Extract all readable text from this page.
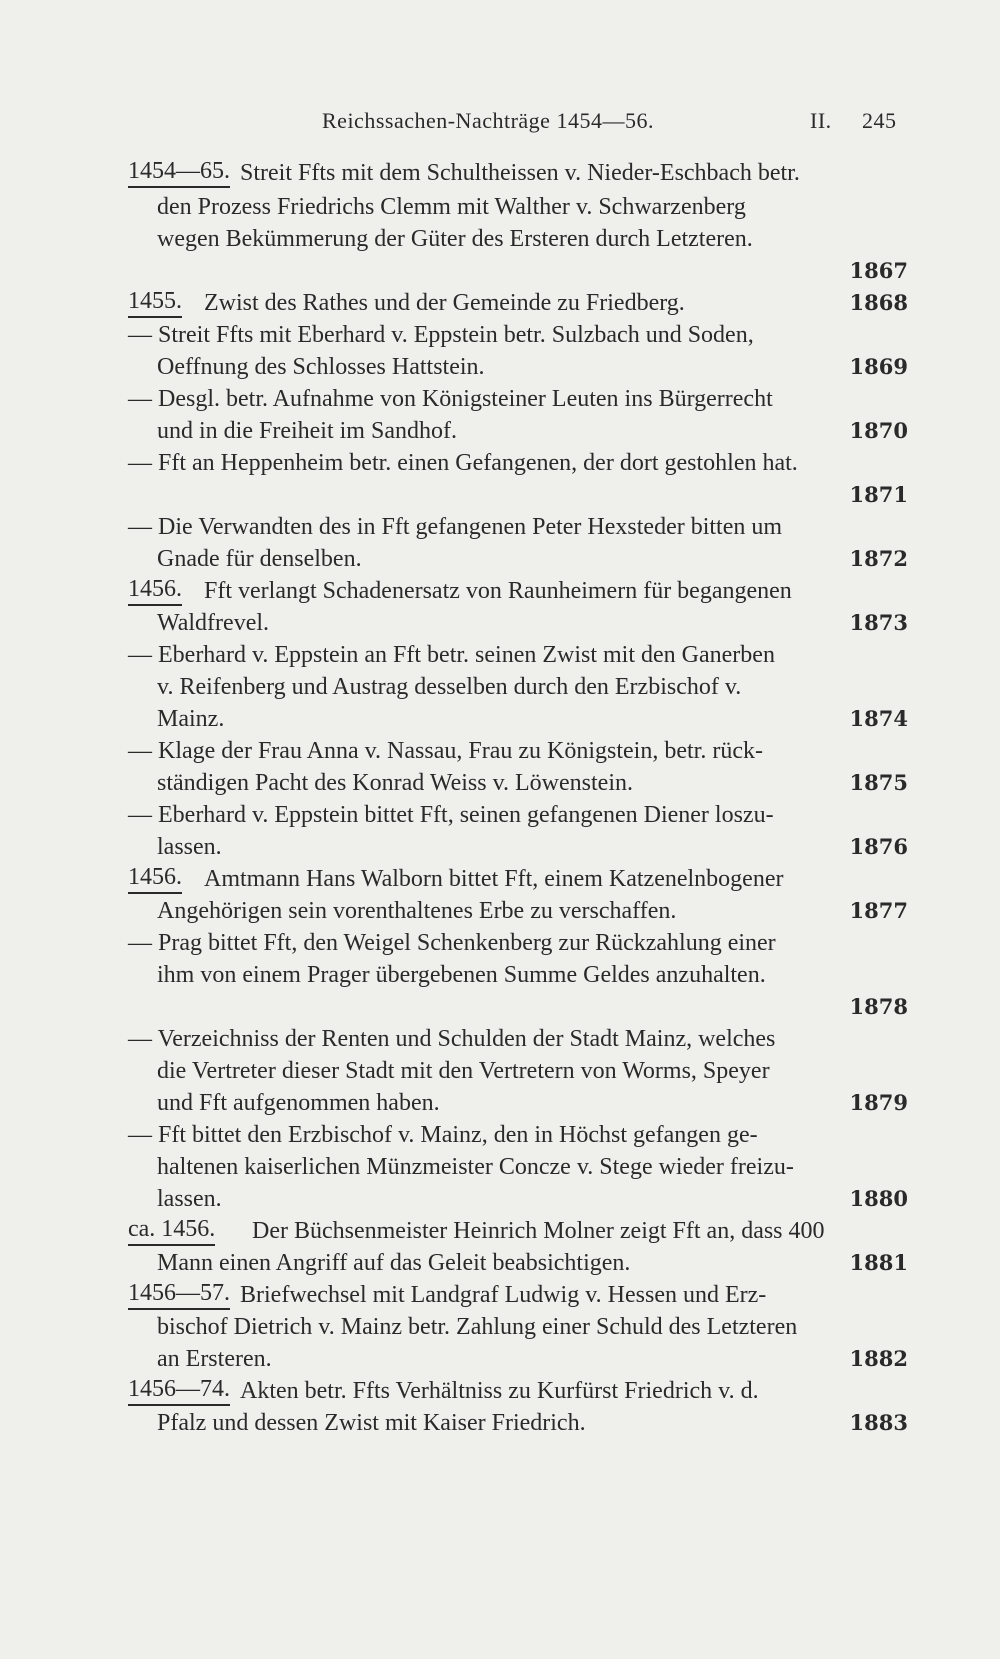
Reichssachen-Nachträge 1454—56.	II. 245
1454—65. Streit Ffts mit dem Schultheissen v. Nieder-Eschbach betr.
den Prozess Friedrichs Clemm mit Walther v. Schwarzenberg
wegen Bekümmerung der Güter des Ersteren durch Letzteren.
1867
1455. Zwist des Rathes und der Gemeinde zu Friedberg.	1868
— Streit Ffts mit Eberhard v. Eppstein betr. Sulzbach und Soden,
Oeffnung des Schlosses Hattstein.	1869
— Desgl. betr. Aufnahme von Königsteiner Leuten ins Bürgerrecht
und in die Freiheit im Sandhof.	1870
— Fft an Heppenheim betr. einen Gefangenen, der dort gestohlen hat.
1871
— Die Verwandten des in Fft gefangenen Peter Hexsteder bitten um
Gnade für denselben.	1872
1456. Fft verlangt Schadenersatz von Raunheimern für begangenen
Waldfrevel.	1873
— Eberhard v. Eppstein an Fft betr. seinen Zwist mit den Ganerben
v. Reifenberg und Austrag desselben durch den Erzbischof v.
Mainz.	1874
— Klage der Frau Anna v. Nassau, Frau zu Königstein, betr. rück-
ständigen Pacht des Konrad Weiss v. Löwenstein.	1875
— Eberhard v. Eppstein bittet Fft, seinen gefangenen Diener loszu-
lassen.	1876
1456. Amtmann Hans Walborn bittet Fft, einem Katzenelnbogener
Angehörigen sein vorenthaltenes Erbe zu verschaffen.	1877
— Prag bittet Fft, den Weigel Schenkenberg zur Rückzahlung einer
ihm von einem Prager übergebenen Summe Geldes anzuhalten.
1878
— Verzeichniss der Renten und Schulden der Stadt Mainz, welches
die Vertreter dieser Stadt mit den Vertretern von Worms, Speyer
und Fft aufgenommen haben.	1879
— Fft bittet den Erzbischof v. Mainz, den in Höchst gefangen ge-
haltenen kaiserlichen Münzmeister Concze v. Stege wieder freizu-
lassen.	1880
ca. 1456. Der Büchsenmeister Heinrich Molner zeigt Fft an, dass 400
Mann einen Angriff auf das Geleit beabsichtigen.	1881
1456—57. Briefwechsel mit Landgraf Ludwig v. Hessen und Erz-
bischof Dietrich v. Mainz betr. Zahlung einer Schuld des Letzteren
an Ersteren.	1882
1456—74. Akten betr. Ffts Verhältniss zu Kurfürst Friedrich v. d.
Pfalz und dessen Zwist mit Kaiser Friedrich.	1883
